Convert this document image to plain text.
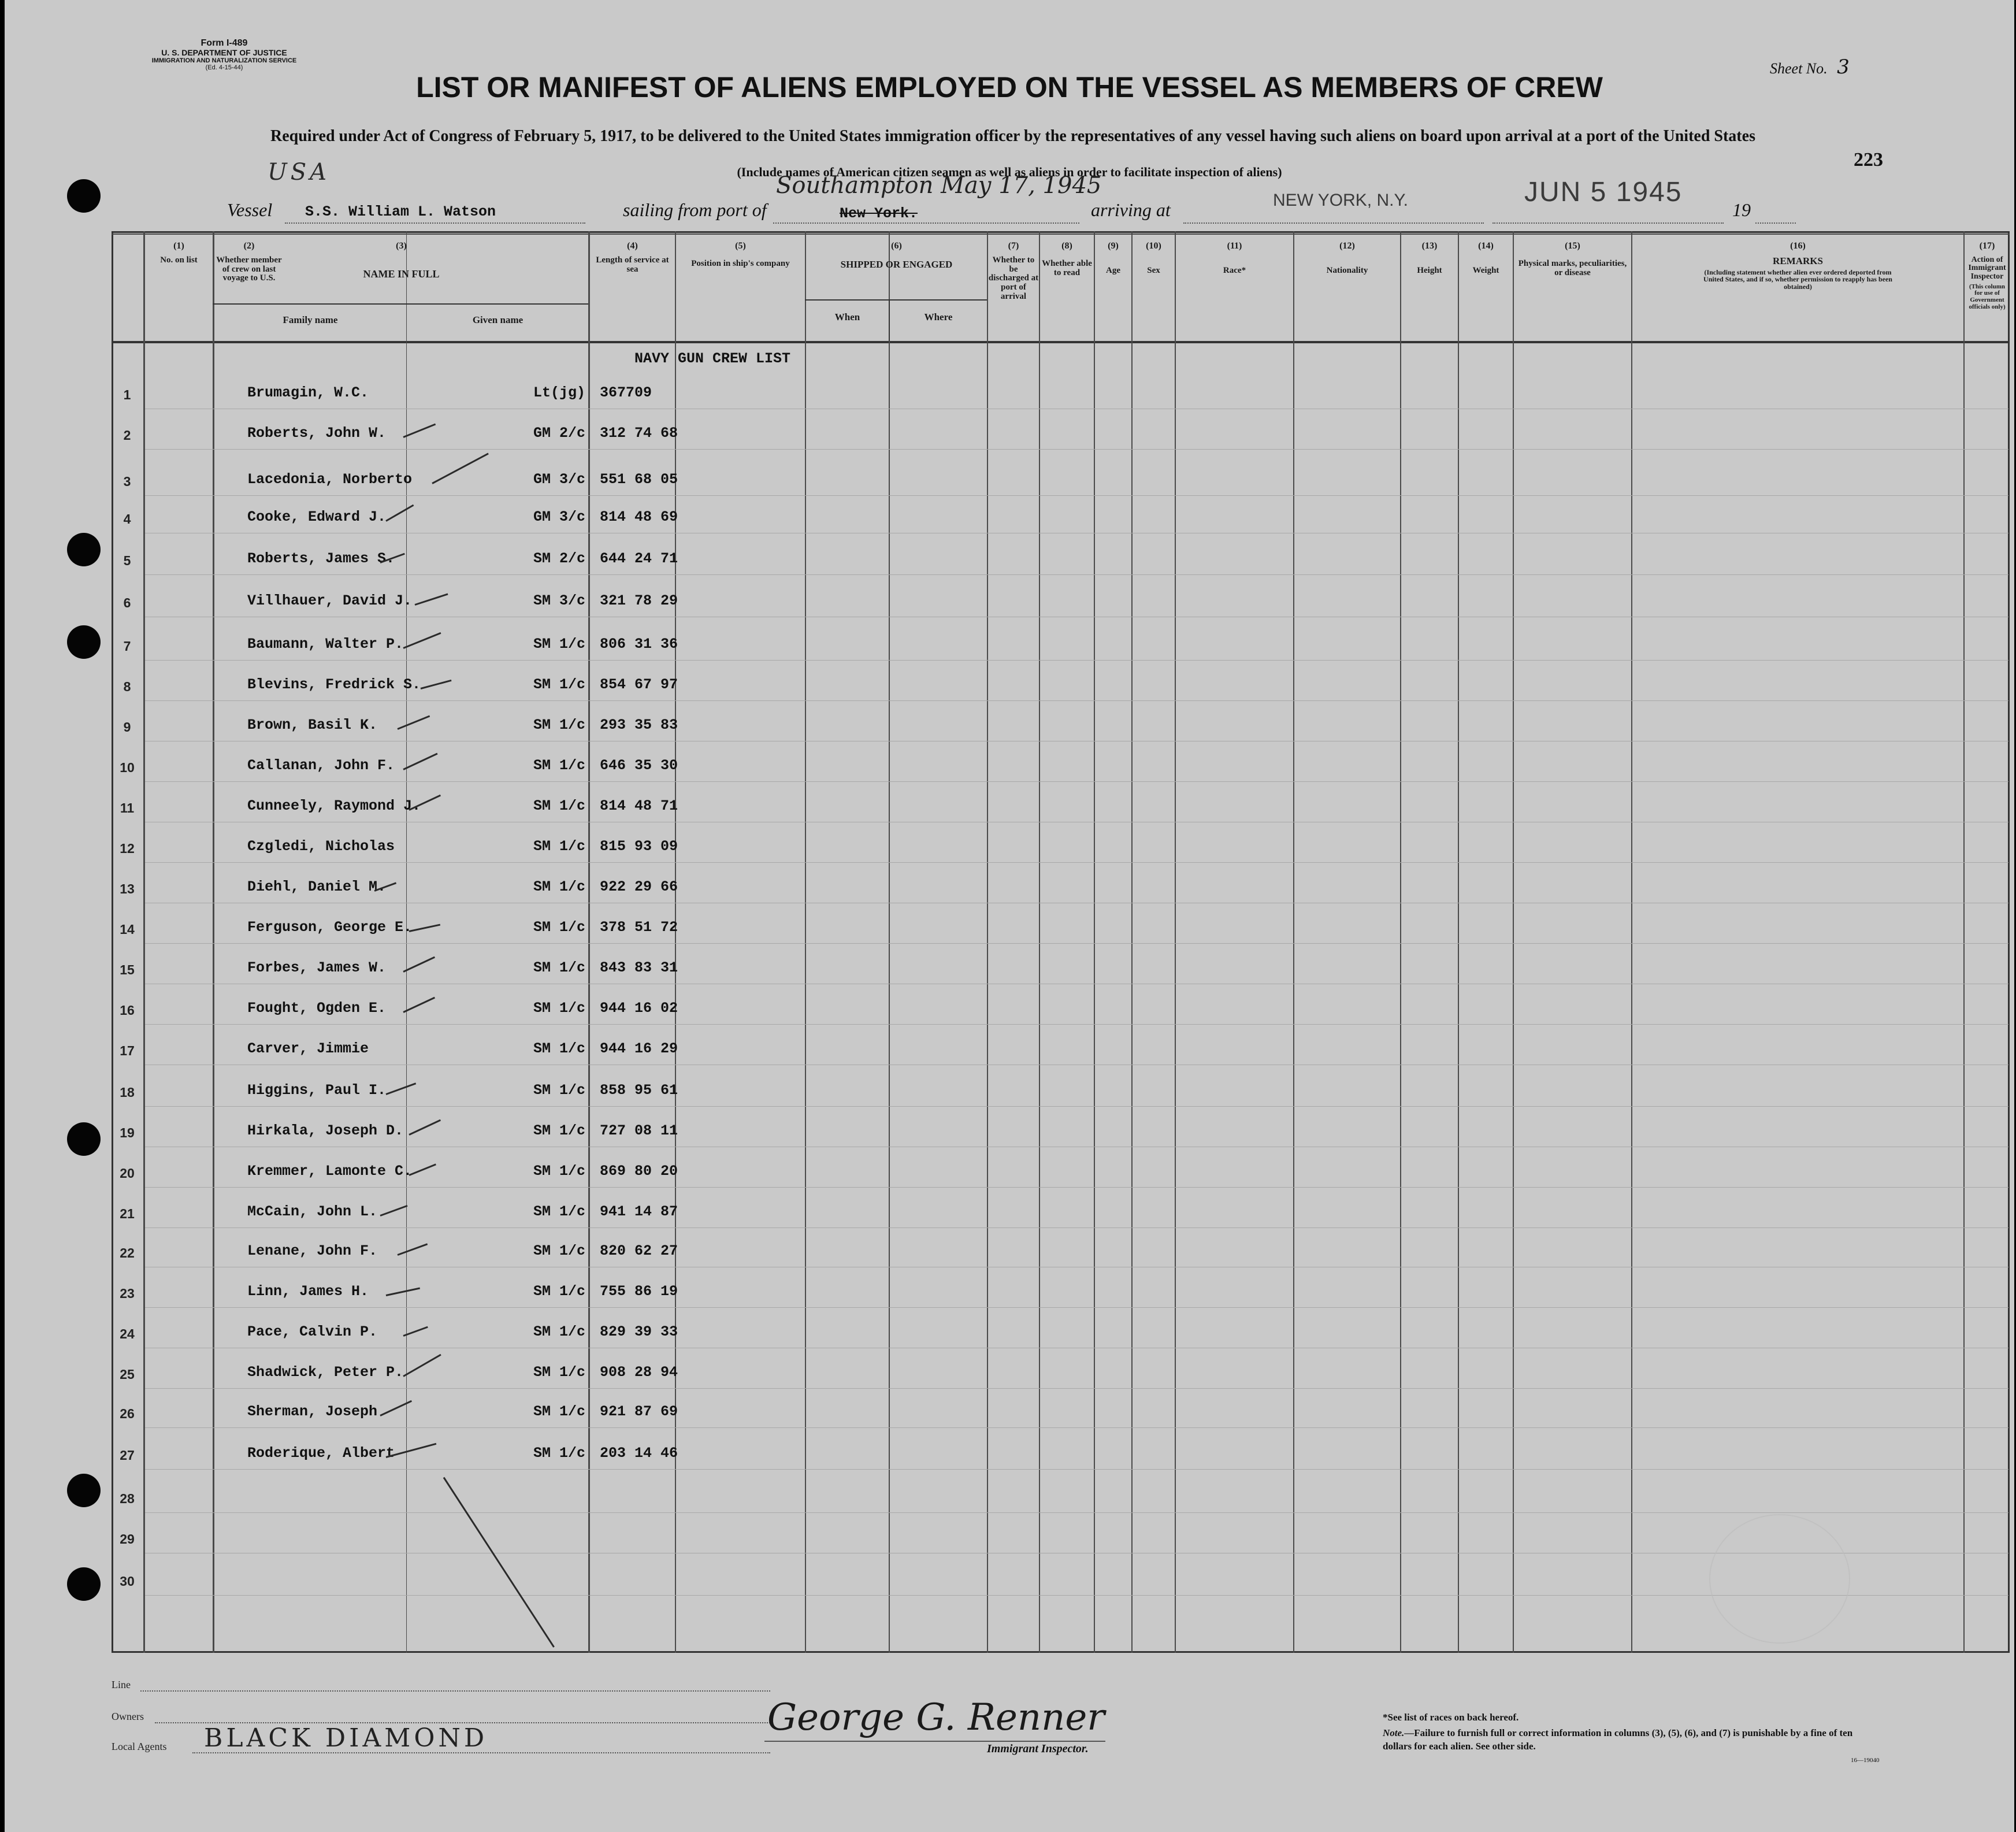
Form I-489
U. S. DEPARTMENT OF JUSTICE
IMMIGRATION AND NATURALIZATION SERVICE
(Ed. 4-15-44)	Sheet No. 3
LIST OR MANIFEST OF ALIENS EMPLOYED ON THE VESSEL AS MEMBERS OF CREW
Required under Act of Congress of February 5, 1917, to be delivered to the United States immigration officer by the representatives of any vessel having such aliens on board upon arrival at a port of the United States
(Include names of American citizen seamen as well as aliens in order to facilitate inspection of aliens)
223
USA
Vessel S.S. William L. Watson	sailing from port of	New York.
Southampton May 17, 1945
arriving at	NEW YORK, N.Y.	JUN 5 1945
19
(1)
No. on list
(2)
Whether member of crew on last voyage to U.S.
(3)
NAME IN FULL
(4)
Length of service at sea
(5)
Position in ship's company
(6)
SHIPPED OR ENGAGED
(7)
Whether to be discharged at port of arrival
(8)
Whether able to read
(9)
Age
(10)
Sex
(11)
Race*
(12)
Nationality
(13)
Height
(14)
Weight
(15)
Physical marks, peculiarities, or disease
(16)
REMARKS
(Including statement whether alien ever ordered deported from United States, and if so, whether permission to reapply has been obtained)
(17)
Action of Immigrant Inspector
(This column for use of Government officials only)
Family name	Given name	When	Where
NAVY GUN CREW LIST
1	Brumagin, W.C.	Lt(jg) 367709
2	Roberts, John W.	GM 2/c 312 74 68
3	Lacedonia, Norberto	GM 3/c 551 68 05
4	Cooke, Edward J.	GM 3/c 814 48 69
5	Roberts, James S.	SM 2/c 644 24 71
6	Villhauer, David J.	SM 3/c 321 78 29
7	Baumann, Walter P.	SM 1/c 806 31 36
8	Blevins, Fredrick S.	SM 1/c 854 67 97
9	Brown, Basil K.	SM 1/c 293 35 83
10	Callanan, John F.	SM 1/c 646 35 30
11	Cunneely, Raymond J.	SM 1/c 814 48 71
12	Czgledi, Nicholas	SM 1/c 815 93 09
13	Diehl, Daniel M.	SM 1/c 922 29 66
14	Ferguson, George E.	SM 1/c 378 51 72
15	Forbes, James W.	SM 1/c 843 83 31
16	Fought, Ogden E.	SM 1/c 944 16 02
17	Carver, Jimmie	SM 1/c 944 16 29
18	Higgins, Paul I.	SM 1/c 858 95 61
19	Hirkala, Joseph D.	SM 1/c 727 08 11
20	Kremmer, Lamonte C.	SM 1/c 869 80 20
21	McCain, John L.	SM 1/c 941 14 87
22	Lenane, John F.	SM 1/c 820 62 27
23	Linn, James H.	SM 1/c 755 86 19
24	Pace, Calvin P.	SM 1/c 829 39 33
25	Shadwick, Peter P.	SM 1/c 908 28 94
26	Sherman, Joseph	SM 1/c 921 87 69
27	Roderique, Albert	SM 1/c 203 14 46
28
29
30
Line
Owners
Local Agents BLACK DIAMOND	George G. Renner
Immigrant Inspector.
*See list of races on back hereof.
Note.—Failure to furnish full or correct information in columns (3), (5), (6), and (7) is punishable by a fine of ten dollars for each alien. See other side.
16—19040
